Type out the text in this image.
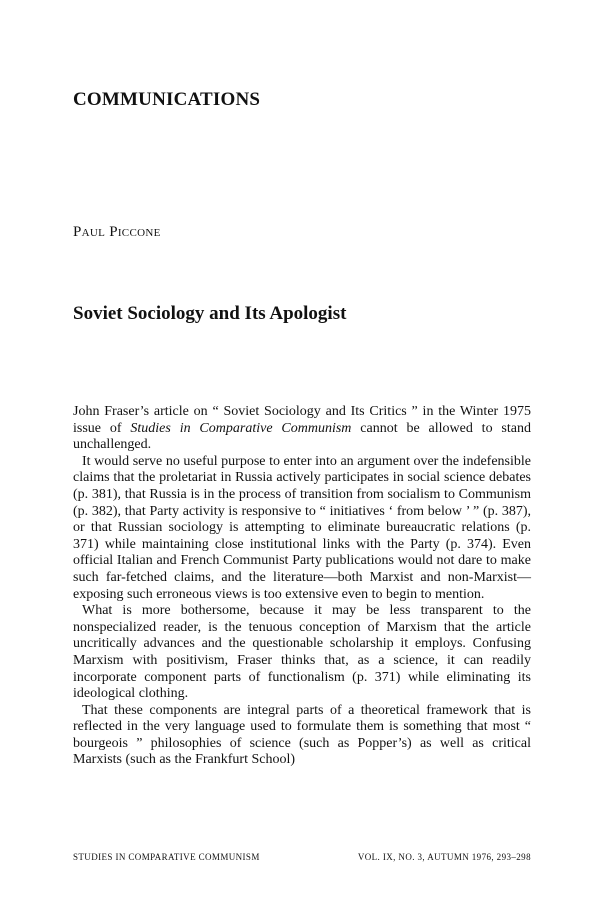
COMMUNICATIONS
Paul Piccone
Soviet Sociology and Its Apologist

John Fraser’s article on “ Soviet Sociology and Its Critics ” in the Winter 1975 issue of Studies in Comparative Communism cannot be allowed to stand unchallenged.

It would serve no useful purpose to enter into an argument over the indefensible claims that the proletariat in Russia actively participates in social science debates (p. 381), that Russia is in the process of transition from socialism to Communism (p. 382), that Party activity is responsive to “ initiatives ‘ from below ’ ” (p. 387), or that Russian sociology is attempting to eliminate bureaucratic relations (p. 371) while maintaining close institutional links with the Party (p. 374). Even official Italian and French Communist Party publications would not dare to make such far-fetched claims, and the literature—both Marxist and non-Marxist—exposing such erroneous views is too extensive even to begin to mention.

What is more bothersome, because it may be less transparent to the nonspecialized reader, is the tenuous conception of Marxism that the article uncritically advances and the questionable scholarship it employs. Confusing Marxism with positivism, Fraser thinks that, as a science, it can readily incorporate component parts of functionalism (p. 371) while eliminating its ideological clothing.

That these components are integral parts of a theoretical framework that is reflected in the very language used to formulate them is something that most “ bourgeois ” philosophies of science (such as Popper’s) as well as critical Marxists (such as the Frankfurt School)

STUDIES IN COMPARATIVE COMMUNISM	VOL. IX, NO. 3, AUTUMN 1976, 293–298
